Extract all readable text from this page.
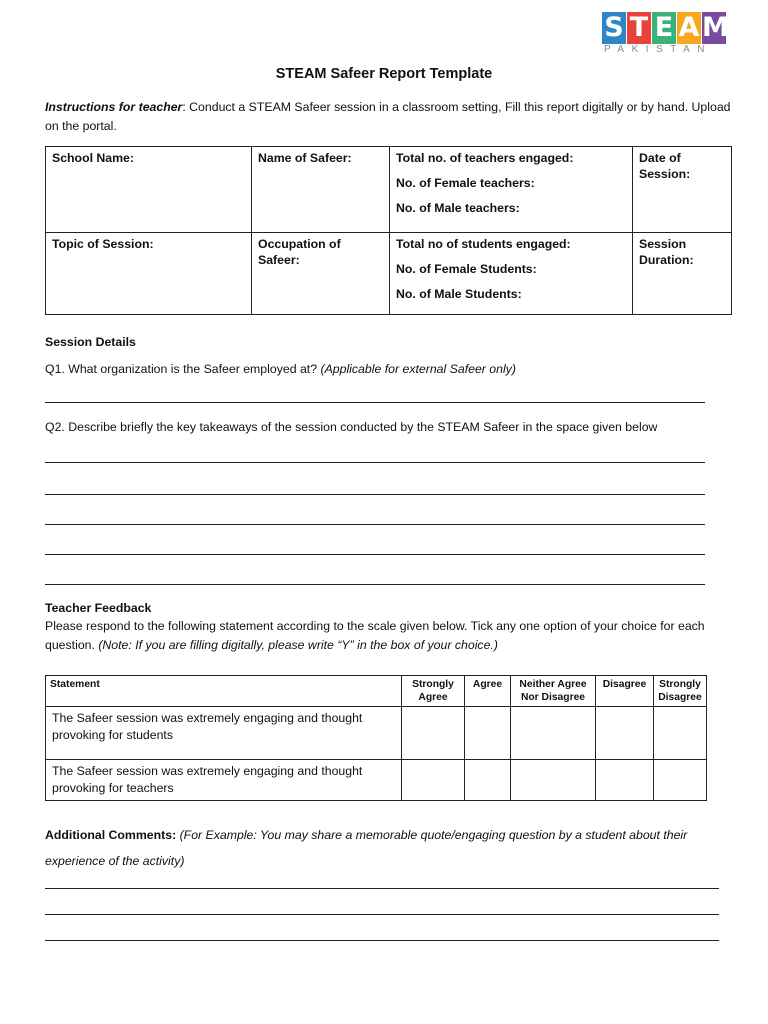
S T E A M
PAKISTAN
STEAM Safeer Report Template
Instructions for teacher: Conduct a STEAM Safeer session in a classroom setting, Fill this report digitally or by hand. Upload on the portal.
School Name:	Name of Safeer:	Total no. of teachers engaged:
No. of Female teachers:
No. of Male teachers:	Date of Session:
Topic of Session:	Occupation of Safeer:	Total no of students engaged:
No. of Female Students:
No. of Male Students:	Session Duration:
Session Details
Q1. What organization is the Safeer employed at? (Applicable for external Safeer only)
Q2. Describe briefly the key takeaways of the session conducted by the STEAM Safeer in the space given below
Teacher Feedback
Please respond to the following statement according to the scale given below. Tick any one option of your choice for each question. (Note: If you are filling digitally, please write “Y” in the box of your choice.)
Statement	Strongly Agree	Agree	Neither Agree Nor Disagree	Disagree	Strongly Disagree
The Safeer session was extremely engaging and thought provoking for students					
The Safeer session was extremely engaging and thought provoking for teachers					
Additional Comments: (For Example: You may share a memorable quote/engaging question by a student about their experience of the activity)
